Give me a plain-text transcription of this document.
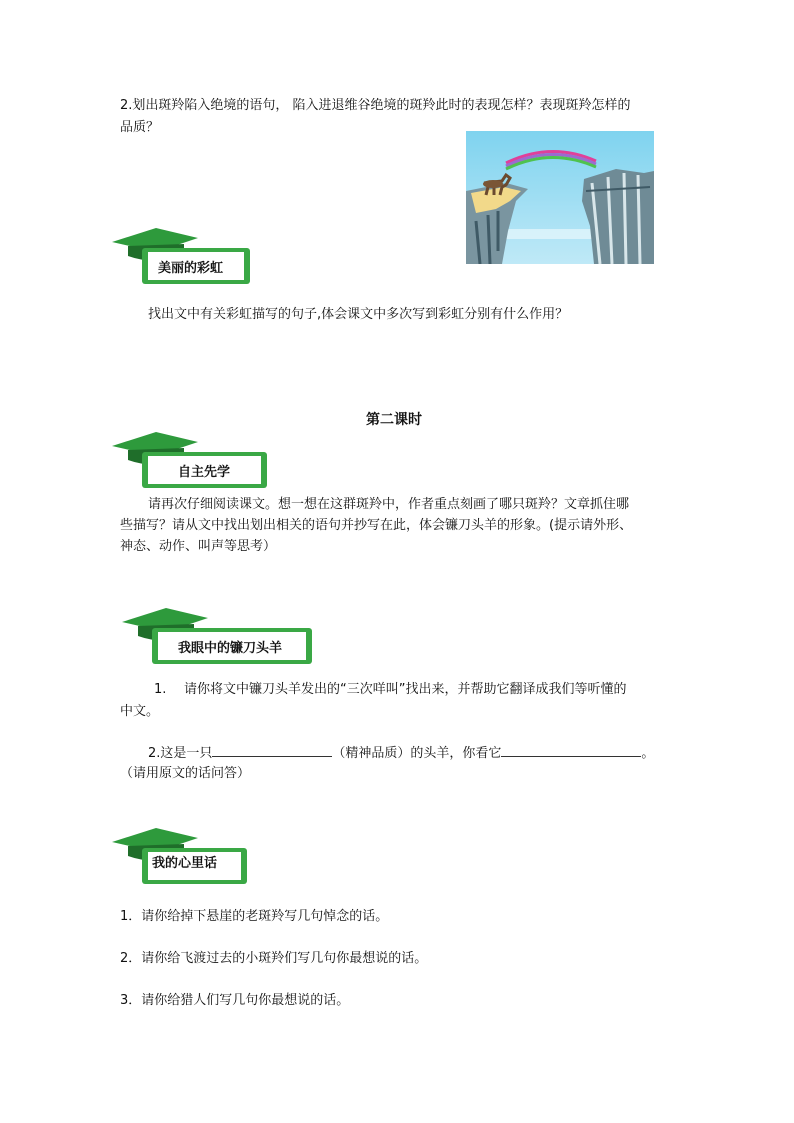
2.划出斑羚陷入绝境的语句， 陷入进退维谷绝境的斑羚此时的表现怎样？表现斑羚怎样的
品质？
美丽的彩虹
找出文中有关彩虹描写的句子,体会课文中多次写到彩虹分别有什么作用？
第二课时
自主先学
请再次仔细阅读课文。想一想在这群斑羚中，作者重点刻画了哪只斑羚？文章抓住哪
些描写？请从文中找出划出相关的语句并抄写在此，体会镰刀头羊的形象。(提示请外形、
神态、动作、叫声等思考）
我眼中的镰刀头羊
1. 请你将文中镰刀头羊发出的“三次咩叫”找出来，并帮助它翻译成我们等听懂的
中文。
2.这是一只	（精神品质）的头羊，你看它	。
（请用原文的话问答）
我的心里话
1．请你给掉下悬崖的老斑羚写几句悼念的话。
2．请你给飞渡过去的小斑羚们写几句你最想说的话。
3．请你给猎人们写几句你最想说的话。
